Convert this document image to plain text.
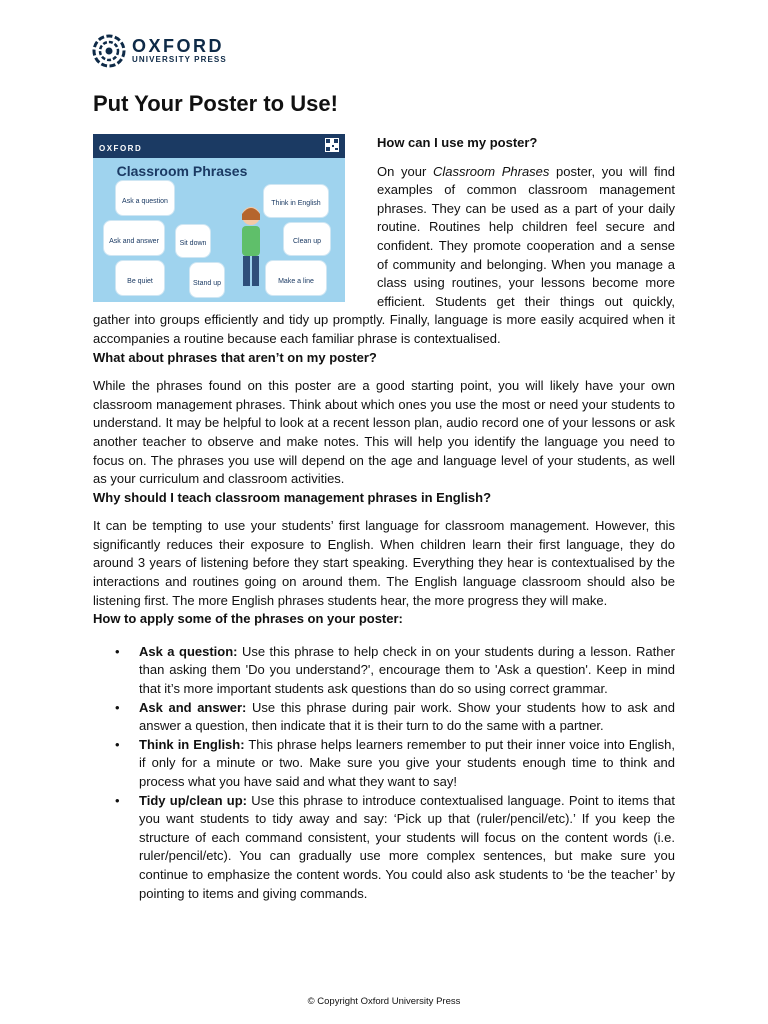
OXFORD
UNIVERSITY PRESS
Put Your Poster to Use!
OXFORD
Classroom Phrases
Ask a question	Think in English
Ask and answer	Sit down	Clean up
Be quiet	Stand up	Make a line
How can I use my poster?

On your Classroom Phrases poster, you will find examples of common classroom management phrases. They can be used as a part of your daily routine. Routines help children feel secure and confident. They promote cooperation and a sense of community and belonging. When you manage a class using routines, your lessons become more efficient. Students get their things out quickly, gather into groups efficiently and tidy up promptly. Finally, language is more easily acquired when it accompanies a routine because each familiar phrase is contextualised.

What about phrases that aren’t on my poster?

While the phrases found on this poster are a good starting point, you will likely have your own classroom management phrases. Think about which ones you use the most or need your students to understand. It may be helpful to look at a recent lesson plan, audio record one of your lessons or ask another teacher to observe and make notes. This will help you identify the language you need to focus on. The phrases you use will depend on the age and language level of your students, as well as your curriculum and classroom activities.

Why should I teach classroom management phrases in English?

It can be tempting to use your students’ first language for classroom management. However, this significantly reduces their exposure to English. When children learn their first language, they do around 3 years of listening before they start speaking. Everything they hear is contextualised by the interactions and routines going on around them. The English language classroom should also be listening first. The more English phrases students hear, the more progress they will make.

How to apply some of the phrases on your poster:
• Ask a question: Use this phrase to help check in on your students during a lesson. Rather than asking them 'Do you understand?', encourage them to 'Ask a question'. Keep in mind that it’s more important students ask questions than do so using correct grammar.
• Ask and answer: Use this phrase during pair work. Show your students how to ask and answer a question, then indicate that it is their turn to do the same with a partner.
• Think in English: This phrase helps learners remember to put their inner voice into English, if only for a minute or two. Make sure you give your students enough time to think and process what you have said and what they want to say!
• Tidy up/clean up: Use this phrase to introduce contextualised language. Point to items that you want students to tidy away and say: ‘Pick up that (ruler/pencil/etc).’ If you keep the structure of each command consistent, your students will focus on the content words (i.e. ruler/pencil/etc). You can gradually use more complex sentences, but make sure you continue to emphasize the content words. You could also ask students to ‘be the teacher’ by pointing to items and giving commands.
© Copyright Oxford University Press
